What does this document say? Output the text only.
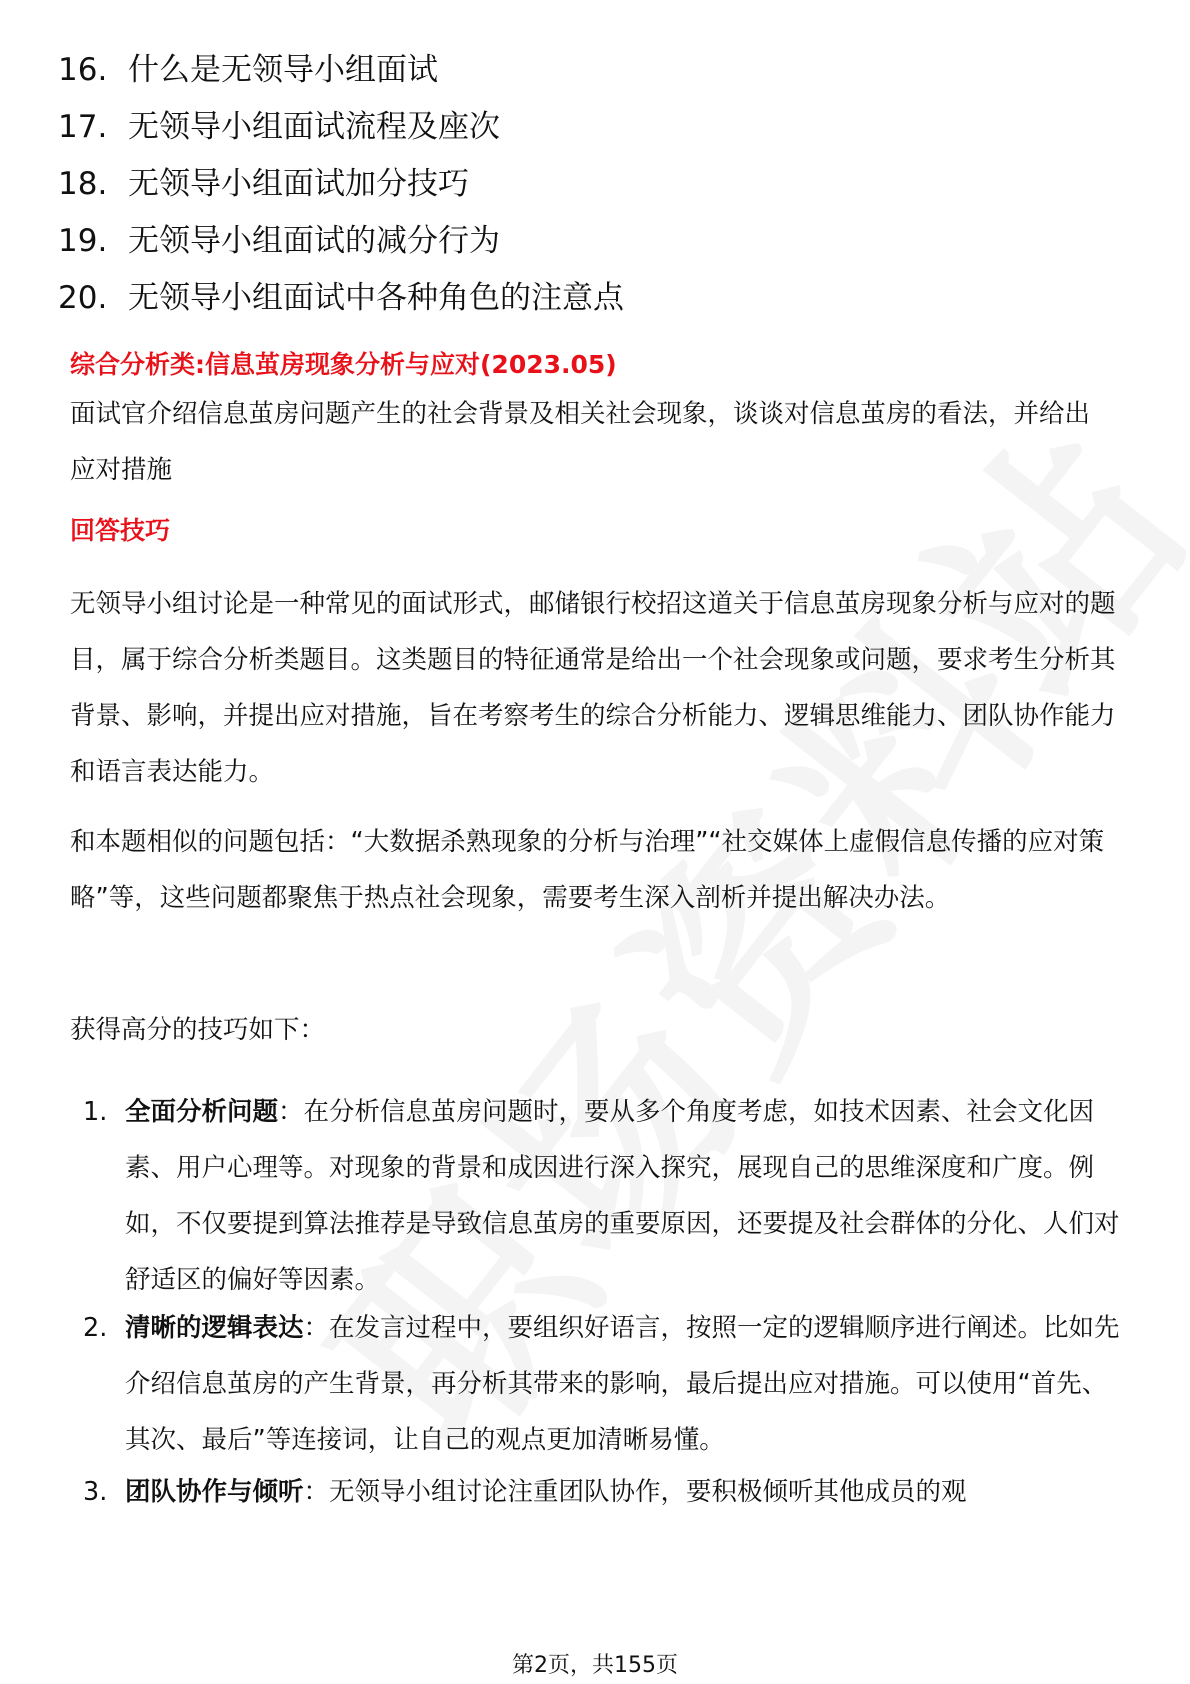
16. 什么是无领导小组面试
17. 无领导小组面试流程及座次
18. 无领导小组面试加分技巧
19. 无领导小组面试的减分行为
20. 无领导小组面试中各种角色的注意点
综合分析类:信息茧房现象分析与应对(2023.05)

面试官介绍信息茧房问题产生的社会背景及相关社会现象，谈谈对信息茧房的看法，并给出应对措施

回答技巧

无领导小组讨论是一种常见的面试形式，邮储银行校招这道关于信息茧房现象分析与应对的题目，属于综合分析类题目。这类题目的特征通常是给出一个社会现象或问题，要求考生分析其背景、影响，并提出应对措施，旨在考察考生的综合分析能力、逻辑思维能力、团队协作能力和语言表达能力。

和本题相似的问题包括：“大数据杀熟现象的分析与治理”“社交媒体上虚假信息传播的应对策略”等，这些问题都聚焦于热点社会现象，需要考生深入剖析并提出解决办法。

获得高分的技巧如下：

1. 全面分析问题：在分析信息茧房问题时，要从多个角度考虑，如技术因素、社会文化因素、用户心理等。对现象的背景和成因进行深入探究，展现自己的思维深度和广度。例如，不仅要提到算法推荐是导致信息茧房的重要原因，还要提及社会群体的分化、人们对舒适区的偏好等因素。
2. 清晰的逻辑表达：在发言过程中，要组织好语言，按照一定的逻辑顺序进行阐述。比如先介绍信息茧房的产生背景，再分析其带来的影响，最后提出应对措施。可以使用“首先、其次、最后”等连接词，让自己的观点更加清晰易懂。
3. 团队协作与倾听：无领导小组讨论注重团队协作，要积极倾听其他成员的观
第2页，共155页
